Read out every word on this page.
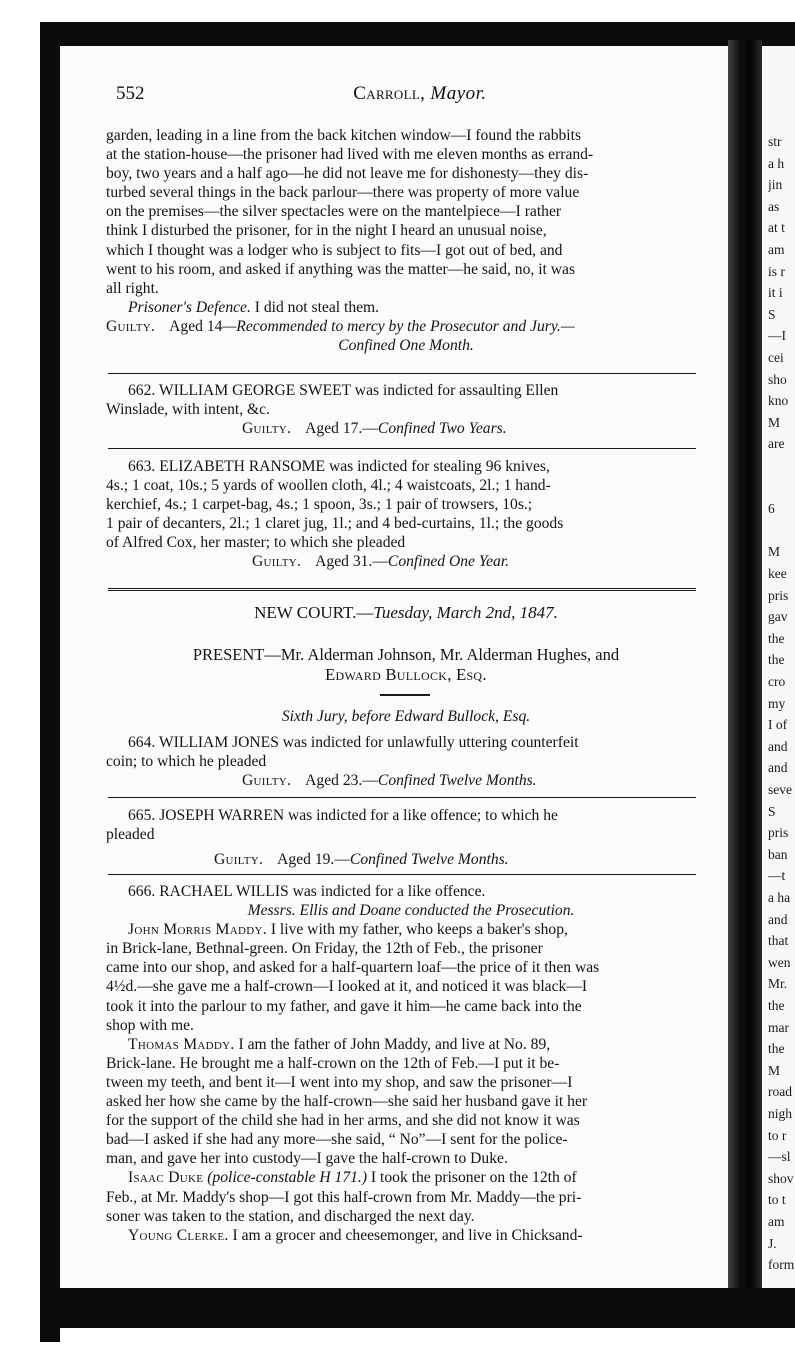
552	Carroll, Mayor.
garden, leading in a line from the back kitchen window—I found the rabbits
at the station-house—the prisoner had lived with me eleven months as errand-
boy, two years and a half ago—he did not leave me for dishonesty—they dis-
turbed several things in the back parlour—there was property of more value
on the premises—the silver spectacles were on the mantelpiece—I rather
think I disturbed the prisoner, for in the night I heard an unusual noise,
which I thought was a lodger who is subject to fits—I got out of bed, and
went to his room, and asked if anything was the matter—he said, no, it was
all right.
Prisoner's Defence. I did not steal them.
Guilty. Aged 14—Recommended to mercy by the Prosecutor and Jury.—
Confined One Month.
662. WILLIAM GEORGE SWEET was indicted for assaulting Ellen
Winslade, with intent, &c.
Guilty. Aged 17.—Confined Two Years.
663. ELIZABETH RANSOME was indicted for stealing 96 knives,
4s.; 1 coat, 10s.; 5 yards of woollen cloth, 4l.; 4 waistcoats, 2l.; 1 hand-
kerchief, 4s.; 1 carpet-bag, 4s.; 1 spoon, 3s.; 1 pair of trowsers, 10s.;
1 pair of decanters, 2l.; 1 claret jug, 1l.; and 4 bed-curtains, 1l.; the goods
of Alfred Cox, her master; to which she pleaded
Guilty. Aged 31.—Confined One Year.
NEW COURT.—Tuesday, March 2nd, 1847.
PRESENT—Mr. Alderman Johnson, Mr. Alderman Hughes, and
Edward Bullock, Esq.
Sixth Jury, before Edward Bullock, Esq.
664. WILLIAM JONES was indicted for unlawfully uttering counterfeit
coin; to which he pleaded
Guilty. Aged 23.—Confined Twelve Months.
665. JOSEPH WARREN was indicted for a like offence; to which he
pleaded
Guilty. Aged 19.—Confined Twelve Months.
666. RACHAEL WILLIS was indicted for a like offence.
Messrs. Ellis and Doane conducted the Prosecution.
John Morris Maddy. I live with my father, who keeps a baker's shop,
in Brick-lane, Bethnal-green. On Friday, the 12th of Feb., the prisoner
came into our shop, and asked for a half-quartern loaf—the price of it then was
4½d.—she gave me a half-crown—I looked at it, and noticed it was black—I
took it into the parlour to my father, and gave it him—he came back into the
shop with me.
Thomas Maddy. I am the father of John Maddy, and live at No. 89,
Brick-lane. He brought me a half-crown on the 12th of Feb.—I put it be-
tween my teeth, and bent it—I went into my shop, and saw the prisoner—I
asked her how she came by the half-crown—she said her husband gave it her
for the support of the child she had in her arms, and she did not know it was
bad—I asked if she had any more—she said, “ No”—I sent for the police-
man, and gave her into custody—I gave the half-crown to Duke.
Isaac Duke (police-constable H 171.) I took the prisoner on the 12th of
Feb., at Mr. Maddy's shop—I got this half-crown from Mr. Maddy—the pri-
soner was taken to the station, and discharged the next day.
Young Clerke. I am a grocer and cheesemonger, and live in Chicksand-
str
a h
jin
as
at t
am
is r
it i
S
—I
cei
sho
kno
M
are
6
M
kee
pris
gav
the
the
cro
my
I of
and
and
seve
S
pris
ban
—t
a ha
and
that
wen
Mr.
the
mar
the
M
road
nigh
to r
—sl
shov
to t
am
J.
form
